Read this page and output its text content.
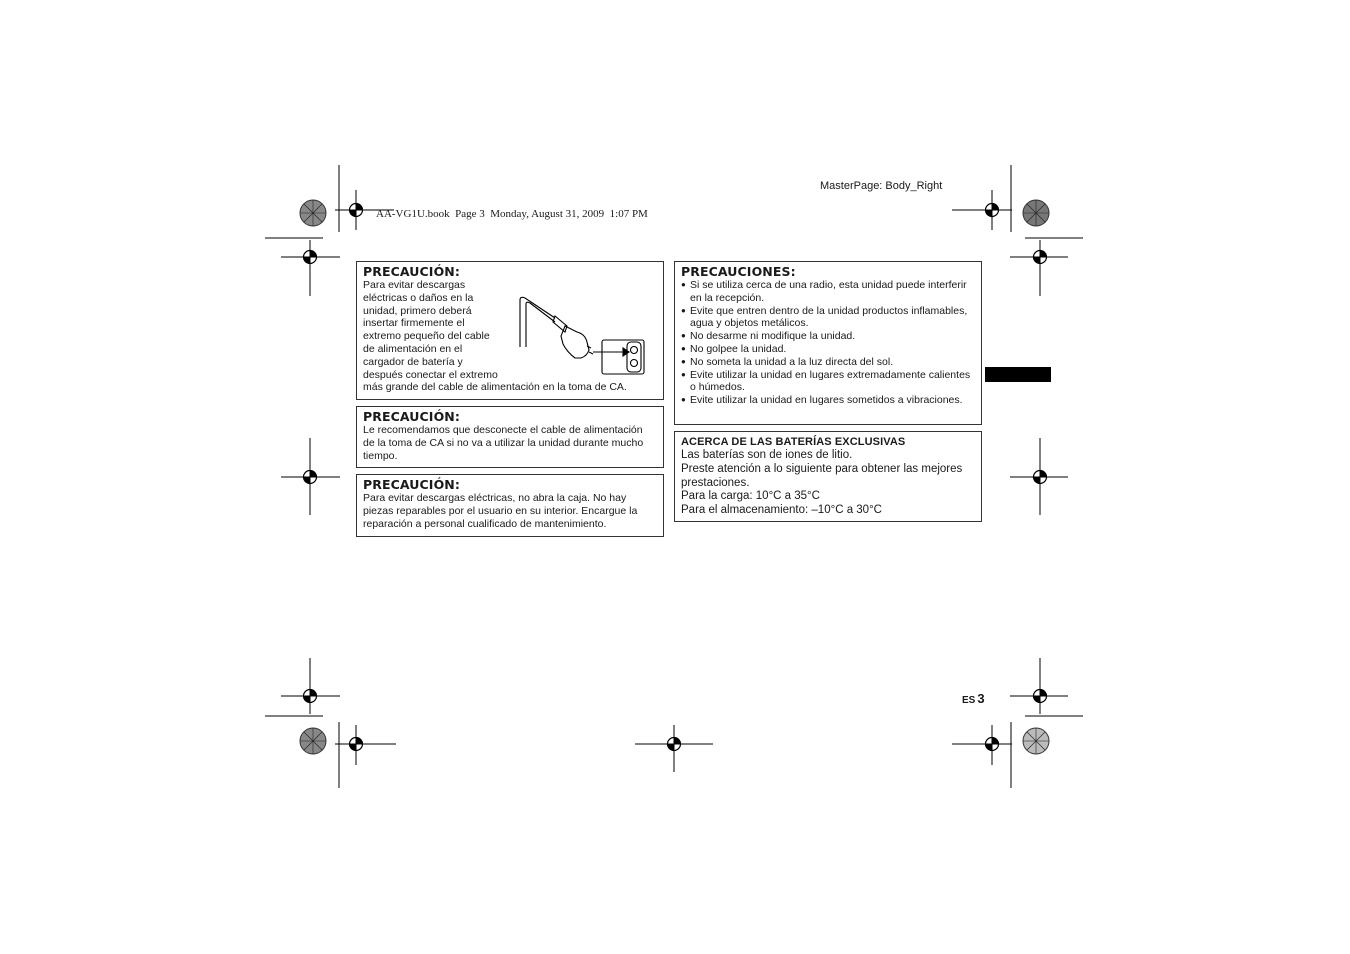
MasterPage: Body_Right
AA-VG1U.book  Page 3  Monday, August 31, 2009  1:07 PM
PRECAUCIÓN:

Para evitar descargas

eléctricas o daños en la

unidad, primero deberá

insertar firmemente el

extremo pequeño del cable

de alimentación en el

cargador de batería y

después conectar el extremo

más grande del cable de alimentación en la toma de CA.

PRECAUCIÓN:

Le recomendamos que desconecte el cable de alimentación de la toma de CA si no va a utilizar la unidad durante mucho tiempo.

PRECAUCIÓN:

Para evitar descargas eléctricas, no abra la caja. No hay piezas reparables por el usuario en su interior. Encargue la reparación a personal cualificado de mantenimiento.

PRECAUCIONES:
● Si se utiliza cerca de una radio, esta unidad puede interferir en la recepción.
● Evite que entren dentro de la unidad productos inflamables, agua y objetos metálicos.
● No desarme ni modifique la unidad.
● No golpee la unidad.
● No someta la unidad a la luz directa del sol.
● Evite utilizar la unidad en lugares extremadamente calientes o húmedos.
● Evite utilizar la unidad en lugares sometidos a vibraciones.
ACERCA DE LAS BATERÍAS EXCLUSIVAS

Las baterías son de iones de litio.

Preste atención a lo siguiente para obtener las mejores prestaciones.

Para la carga: 10°C a 35°C

Para el almacenamiento: –10°C a 30°C

ES 3
